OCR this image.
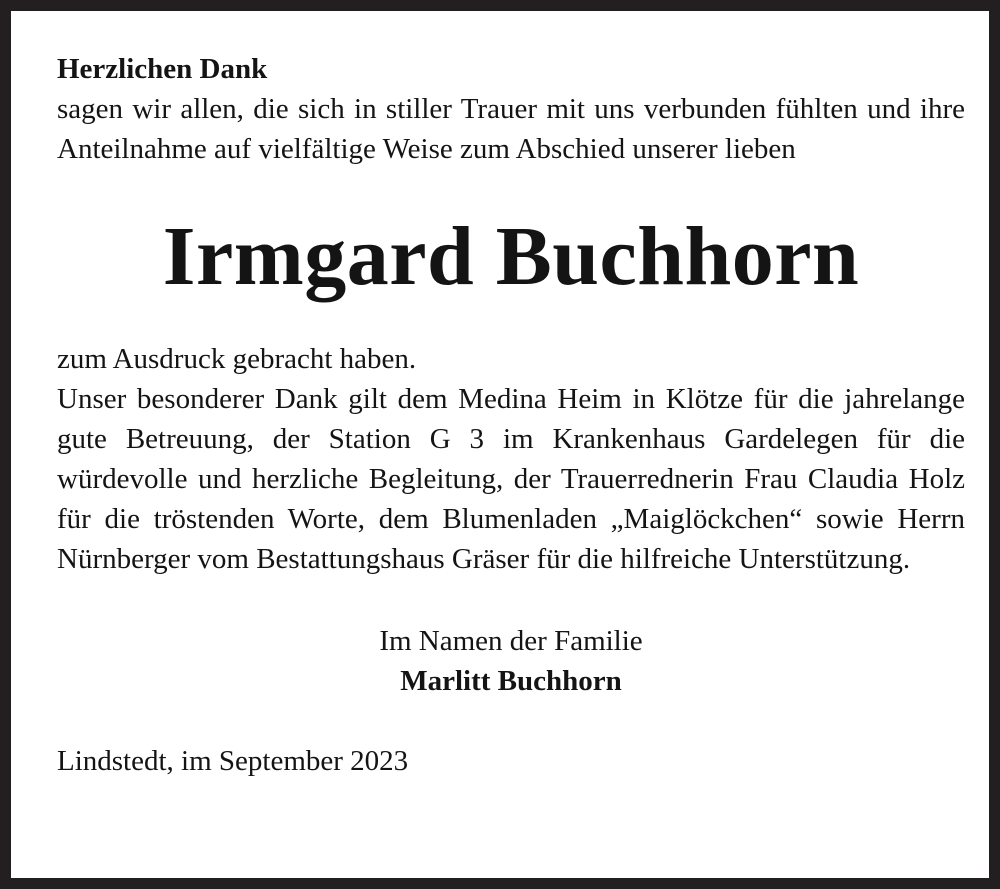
Herzlichen Dank

sagen wir allen, die sich in stiller Trauer mit uns verbunden fühlten und ihre Anteilnahme auf vielfältige Weise zum Abschied unserer lieben

Irmgard Buchhorn

zum Ausdruck gebracht haben.

Unser besonderer Dank gilt dem Medina Heim in Klötze für die jahrelange gute Betreuung, der Station G 3 im Krankenhaus Gardelegen für die würdevolle und herzliche Begleitung, der Trauerrednerin Frau Claudia Holz für die tröstenden Worte, dem Blumenladen „Maiglöckchen“ sowie Herrn Nürnberger vom Bestattungshaus Gräser für die hilfreiche Unterstützung.

Im Namen der Familie

Marlitt Buchhorn

Lindstedt, im September 2023
